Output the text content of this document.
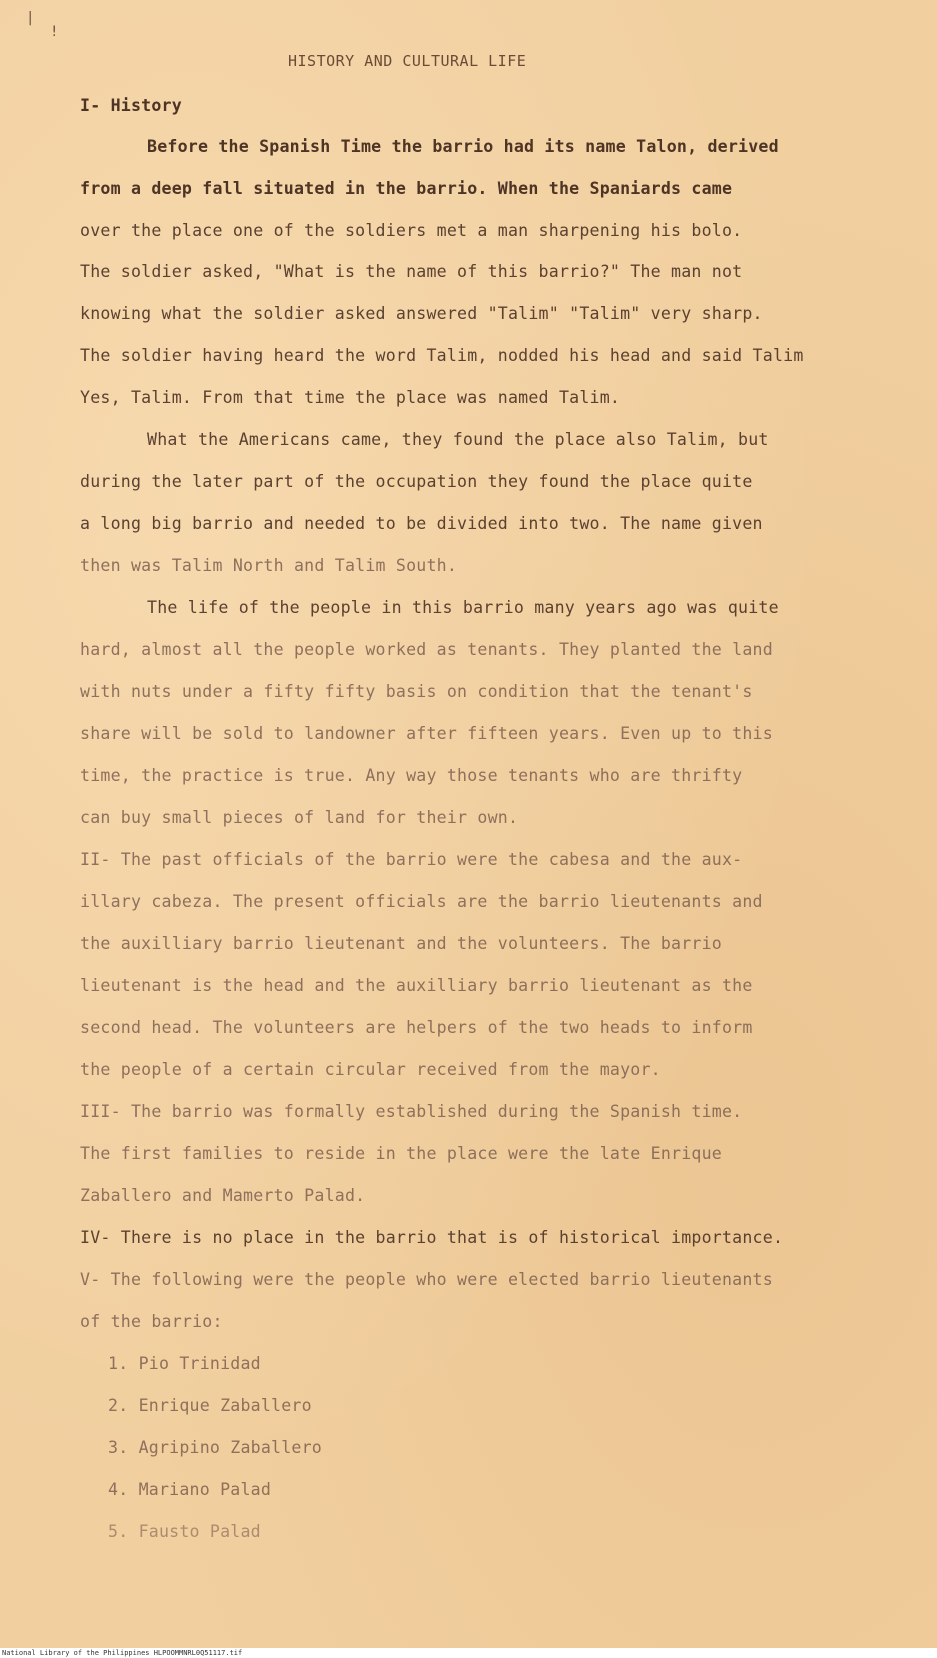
|
!
HISTORY AND CULTURAL LIFE
I- History
Before the Spanish Time the barrio had its name Talon, derived
from a deep fall situated in the barrio. When the Spaniards came
over the place one of the soldiers met a man sharpening his bolo.
The soldier asked, "What is the name of this barrio?" The man not
knowing what the soldier asked answered "Talim" "Talim" very sharp.
The soldier having heard the word Talim, nodded his head and said Talim
Yes, Talim. From that time the place was named Talim.
What the Americans came, they found the place also Talim, but
during the later part of the occupation they found the place quite
a long big barrio and needed to be divided into two. The name given
then was Talim North and Talim South.
The life of the people in this barrio many years ago was quite
hard, almost all the people worked as tenants. They planted the land
with nuts under a fifty fifty basis on condition that the tenant's
share will be sold to landowner after fifteen years. Even up to this
time, the practice is true. Any way those tenants who are thrifty
can buy small pieces of land for their own.
II- The past officials of the barrio were the cabesa and the aux-
illary cabeza. The present officials are the barrio lieutenants and
the auxilliary barrio lieutenant and the volunteers. The barrio
lieutenant is the head and the auxilliary barrio lieutenant as the
second head. The volunteers are helpers of the two heads to inform
the people of a certain circular received from the mayor.
III- The barrio was formally established during the Spanish time.
The first families to reside in the place were the late Enrique
Zaballero and Mamerto Palad.
IV- There is no place in the barrio that is of historical importance.
V- The following were the people who were elected barrio lieutenants
of the barrio:
1. Pio Trinidad
2. Enrique Zaballero
3. Agripino Zaballero
4. Mariano Palad
5. Fausto Palad
National Library of the Philippines HLPOOMMNRL0Q51117.tif
